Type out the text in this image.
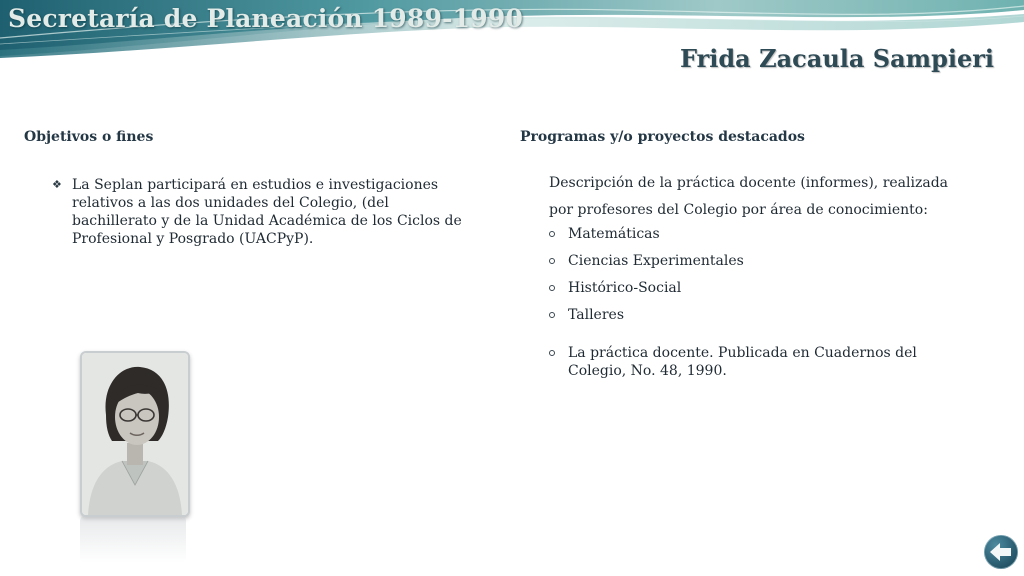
Secretaría de Planeación 1989-1990
Frida Zacaula Sampieri
Objetivos o fines
❖ La Seplan participará en estudios e investigaciones relativos a las dos unidades del Colegio, (del bachillerato y de la Unidad Académica de los Ciclos de Profesional y Posgrado (UACPyP).
Programas y/o proyectos destacados
Descripción de la práctica docente (informes), realizada por profesores del Colegio por área de conocimiento:
Matemáticas
Ciencias Experimentales
Histórico-Social
Talleres
La práctica docente. Publicada en Cuadernos del Colegio, No. 48, 1990.
